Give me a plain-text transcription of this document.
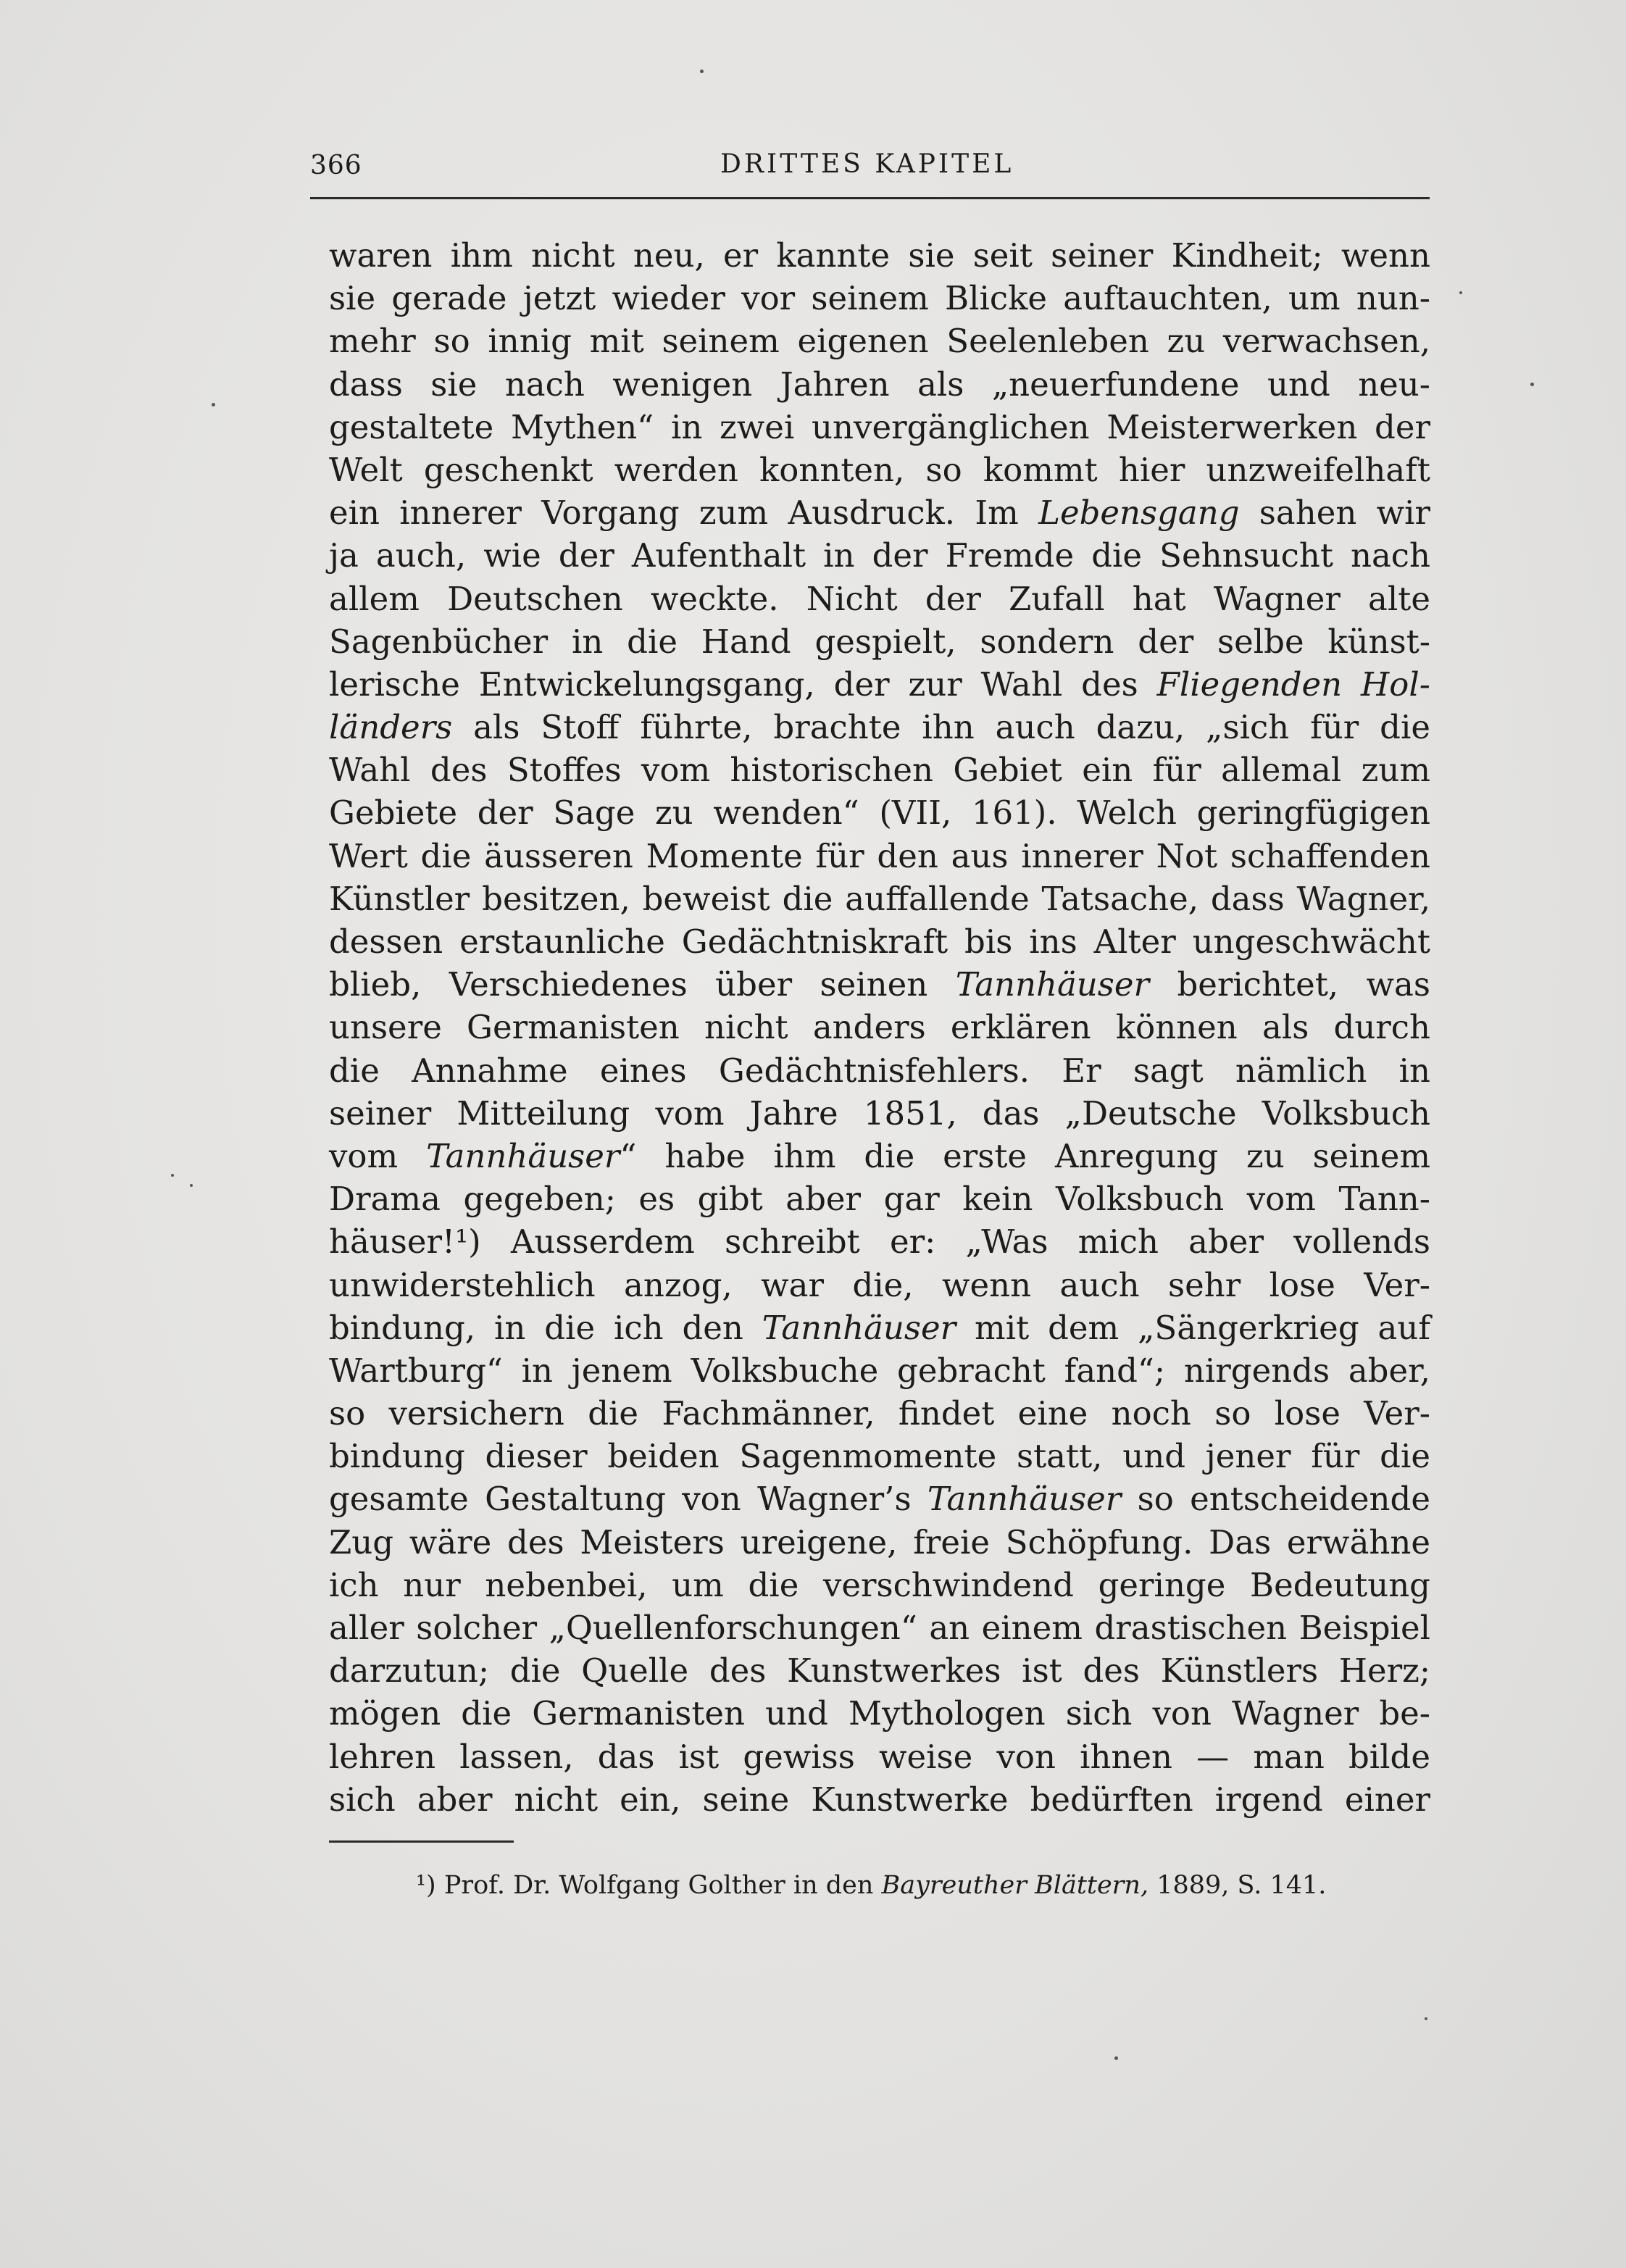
366	DRITTES KAPITEL
waren ihm nicht neu, er kannte sie seit seiner Kindheit; wenn
sie gerade jetzt wieder vor seinem Blicke auftauchten, um nun-
mehr so innig mit seinem eigenen Seelenleben zu verwachsen,
dass sie nach wenigen Jahren als „neuerfundene und neu-
gestaltete Mythen“ in zwei unvergänglichen Meisterwerken der
Welt geschenkt werden konnten, so kommt hier unzweifelhaft
ein innerer Vorgang zum Ausdruck. Im Lebensgang sahen wir
ja auch, wie der Aufenthalt in der Fremde die Sehnsucht nach
allem Deutschen weckte. Nicht der Zufall hat Wagner alte
Sagenbücher in die Hand gespielt, sondern der selbe künst-
lerische Entwickelungsgang, der zur Wahl des Fliegenden Hol-
länders als Stoff führte, brachte ihn auch dazu, „sich für die
Wahl des Stoffes vom historischen Gebiet ein für allemal zum
Gebiete der Sage zu wenden“ (VII, 161). Welch geringfügigen
Wert die äusseren Momente für den aus innerer Not schaffenden
Künstler besitzen, beweist die auffallende Tatsache, dass Wagner,
dessen erstaunliche Gedächtniskraft bis ins Alter ungeschwächt
blieb, Verschiedenes über seinen Tannhäuser berichtet, was
unsere Germanisten nicht anders erklären können als durch
die Annahme eines Gedächtnisfehlers. Er sagt nämlich in
seiner Mitteilung vom Jahre 1851, das „Deutsche Volksbuch
vom Tannhäuser“ habe ihm die erste Anregung zu seinem
Drama gegeben; es gibt aber gar kein Volksbuch vom Tann-
häuser!¹) Ausserdem schreibt er: „Was mich aber vollends
unwiderstehlich anzog, war die, wenn auch sehr lose Ver-
bindung, in die ich den Tannhäuser mit dem „Sängerkrieg auf
Wartburg“ in jenem Volksbuche gebracht fand“; nirgends aber,
so versichern die Fachmänner, findet eine noch so lose Ver-
bindung dieser beiden Sagenmomente statt, und jener für die
gesamte Gestaltung von Wagner’s Tannhäuser so entscheidende
Zug wäre des Meisters ureigene, freie Schöpfung. Das erwähne
ich nur nebenbei, um die verschwindend geringe Bedeutung
aller solcher „Quellenforschungen“ an einem drastischen Beispiel
darzutun; die Quelle des Kunstwerkes ist des Künstlers Herz;
mögen die Germanisten und Mythologen sich von Wagner be-
lehren lassen, das ist gewiss weise von ihnen — man bilde
sich aber nicht ein, seine Kunstwerke bedürften irgend einer
¹) Prof. Dr. Wolfgang Golther in den Bayreuther Blättern, 1889, S. 141.
